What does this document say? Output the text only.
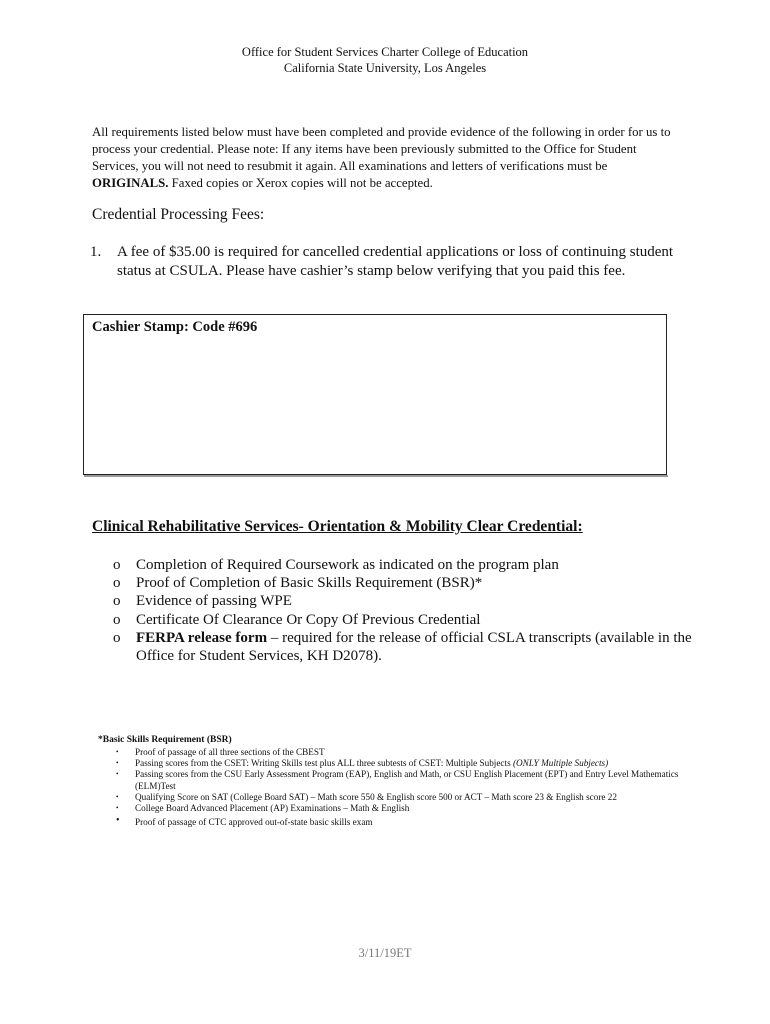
Office for Student Services Charter College of Education
California State University, Los Angeles
All requirements listed below must have been completed and provide evidence of the following in order for us to process your credential. Please note: If any items have been previously submitted to the Office for Student Services, you will not need to resubmit it again. All examinations and letters of verifications must be ORIGINALS. Faxed copies or Xerox copies will not be accepted.
Credential Processing Fees:
1. A fee of $35.00 is required for cancelled credential applications or loss of continuing student status at CSULA. Please have cashier’s stamp below verifying that you paid this fee.
Cashier Stamp: Code #696
Clinical Rehabilitative Services- Orientation & Mobility Clear Credential:
o Completion of Required Coursework as indicated on the program plan
o Proof of Completion of Basic Skills Requirement (BSR)*
o Evidence of passing WPE
o Certificate Of Clearance Or Copy Of Previous Credential
o FERPA release form – required for the release of official CSLA transcripts (available in the Office for Student Services, KH D2078).
*Basic Skills Requirement (BSR)
• Proof of passage of all three sections of the CBEST
• Passing scores from the CSET: Writing Skills test plus ALL three subtests of CSET: Multiple Subjects (ONLY Multiple Subjects)
• Passing scores from the CSU Early Assessment Program (EAP), English and Math, or CSU English Placement (EPT) and Entry Level Mathematics (ELM)Test
• Qualifying Score on SAT (College Board SAT) – Math score 550 & English score 500 or ACT – Math score 23 & English score 22
• College Board Advanced Placement (AP) Examinations – Math & English
• Proof of passage of CTC approved out-of-state basic skills exam
3/11/19ET
